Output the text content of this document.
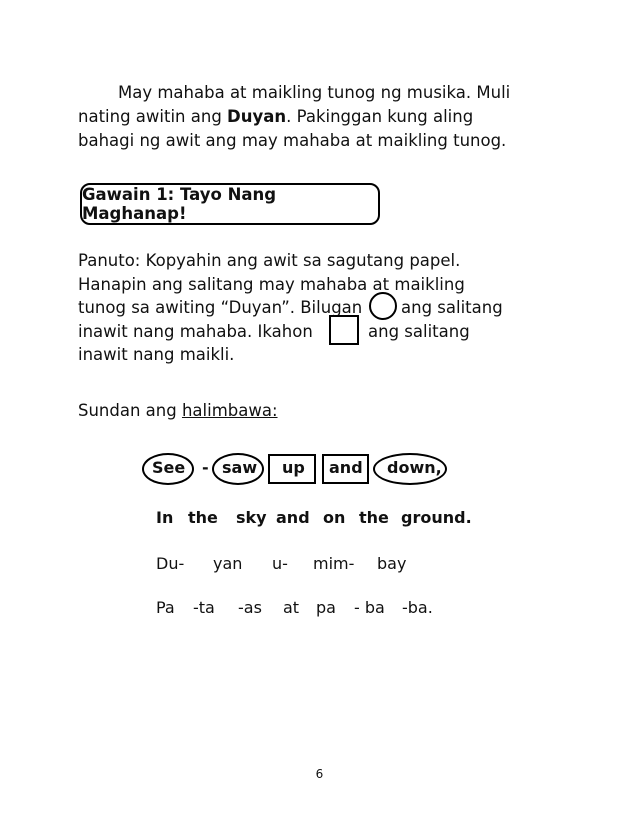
May mahaba at maikling tunog ng musika. Muli
nating awitin ang Duyan. Pakinggan kung aling
bahagi ng awit ang may mahaba at maikling tunog.
Gawain 1: Tayo Nang Maghanap!
Panuto: Kopyahin ang awit sa sagutang papel.
Hanapin ang salitang may mahaba at maikling
tunog sa awiting “Duyan”. Bilugan ang salitang
inawit nang mahaba. Ikahon	ang salitang
inawit nang maikli.
Sundan ang halimbawa:
See - saw up and down,
In the sky and on the ground.
Du- yan u- mim- bay
Pa -ta -as at pa - ba -ba.
6
